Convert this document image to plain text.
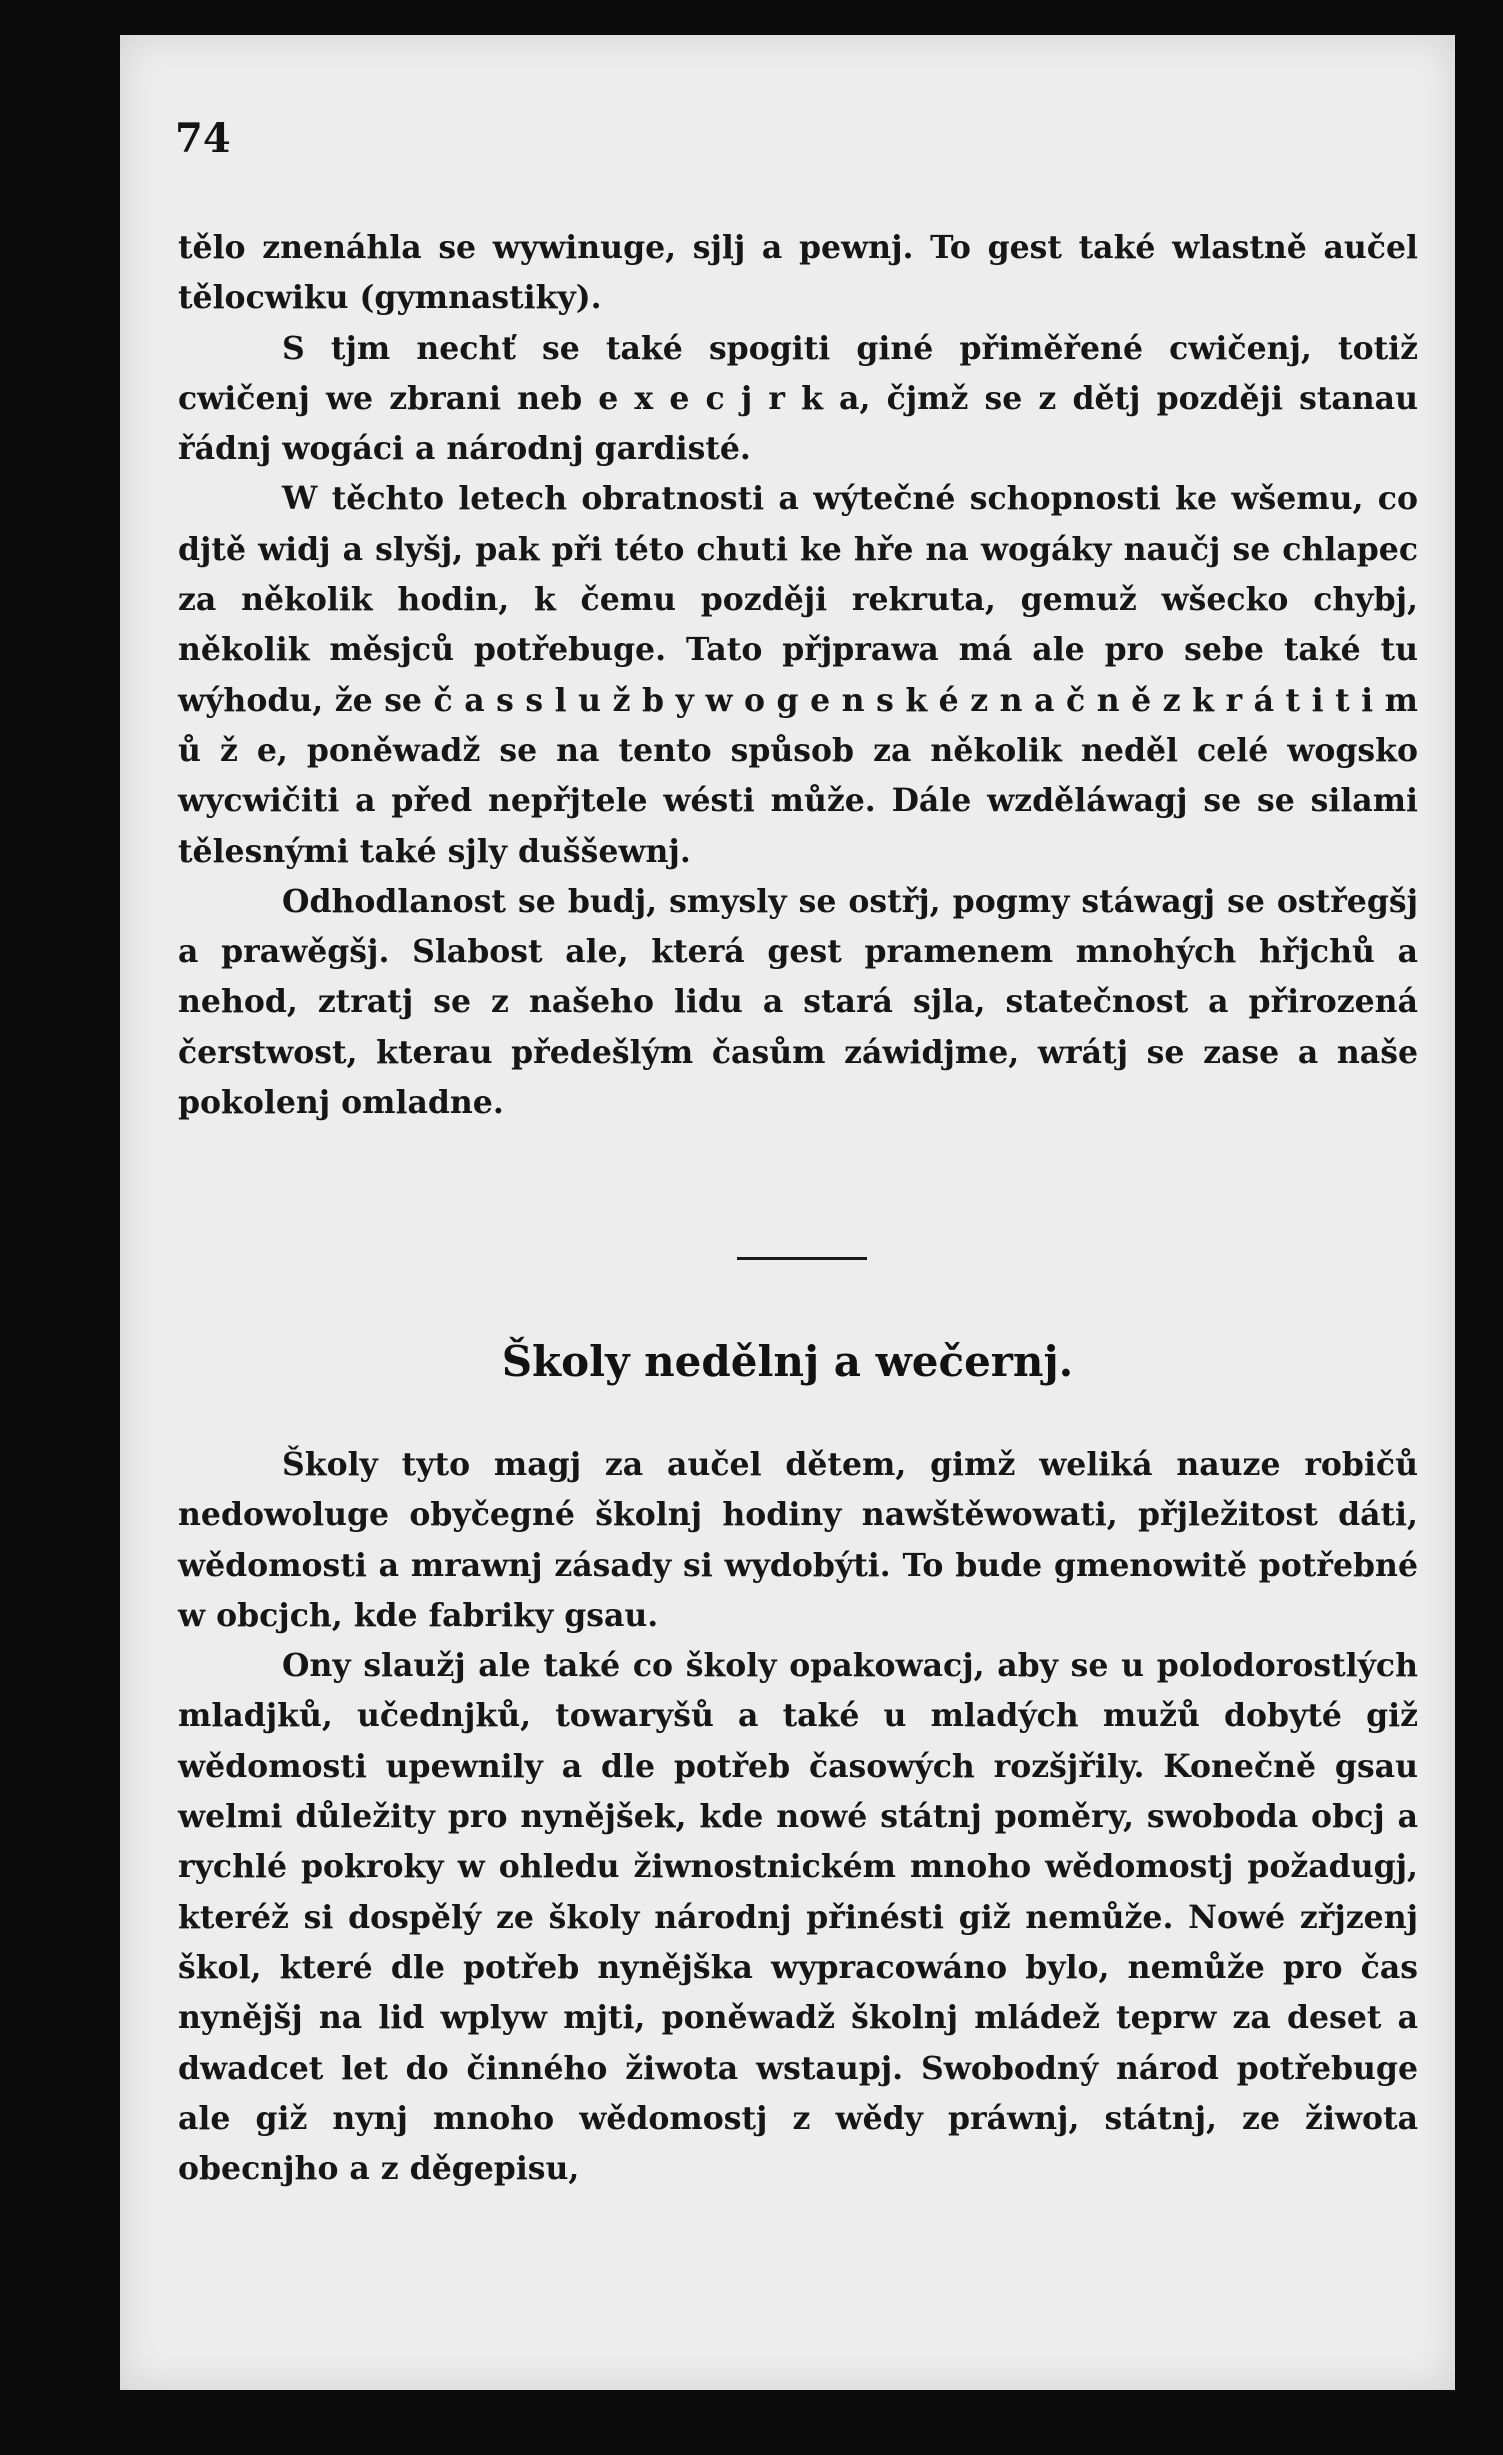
74

tělo znenáhla se wywinuge, sjlj a pewnj. To gest také wlastně aučel tělocwiku (gymnastiky).

S tjm nechť se také spogiti giné přiměřené cwičenj, totiž cwičenj we zbrani neb e x e c j r k a, čjmž se z dětj později stanau řádnj wogáci a národnj gardisté.

W těchto letech obratnosti a wýtečné schopnosti ke wšemu, co djtě widj a slyšj, pak při této chuti ke hře na wogáky naučj se chlapec za několik hodin, k čemu později rekruta, gemuž wšecko chybj, několik měsjců potřebuge. Tato přjprawa má ale pro sebe také tu wýhodu, že se č a s s l u ž b y w o g e n s k é z n a č n ě z k r á t i t i m ů ž e, poněwadž se na tento spůsob za několik neděl celé wogsko wycwičiti a před nepřjtele wésti může. Dále wzděláwagj se se silami tělesnými také sjly duššewnj.

Odhodlanost se budj, smysly se ostřj, pogmy stáwagj se ostřegšj a prawěgšj. Slabost ale, která gest pramenem mnohých hřjchů a nehod, ztratj se z našeho lidu a stará sjla, statečnost a přirozená čerstwost, kterau předešlým časům záwidjme, wrátj se zase a naše pokolenj omladne.

Školy nedělnj a wečernj.

Školy tyto magj za aučel dětem, gimž weliká nauze robičů nedowoluge obyčegné školnj hodiny nawštěwowati, přjležitost dáti, wědomosti a mrawnj zásady si wydobýti. To bude gmenowitě potřebné w obcjch, kde fabriky gsau.

Ony slaužj ale také co školy opakowacj, aby se u polodorostlých mladjků, učednjků, towaryšů a také u mladých mužů dobyté giž wědomosti upewnily a dle potřeb časowých rozšjřily. Konečně gsau welmi důležity pro nynějšek, kde nowé státnj poměry, swoboda obcj a rychlé pokroky w ohledu žiwnostnickém mnoho wědomostj požadugj, kteréž si dospělý ze školy národnj přinésti giž nemůže. Nowé zřjzenj škol, které dle potřeb nynějška wypracowáno bylo, nemůže pro čas nynějšj na lid wplyw mjti, poněwadž školnj mládež teprw za deset a dwadcet let do činného žiwota wstaupj. Swobodný národ potřebuge ale giž nynj mnoho wědomostj z wědy práwnj, státnj, ze žiwota obecnjho a z děgepisu,
